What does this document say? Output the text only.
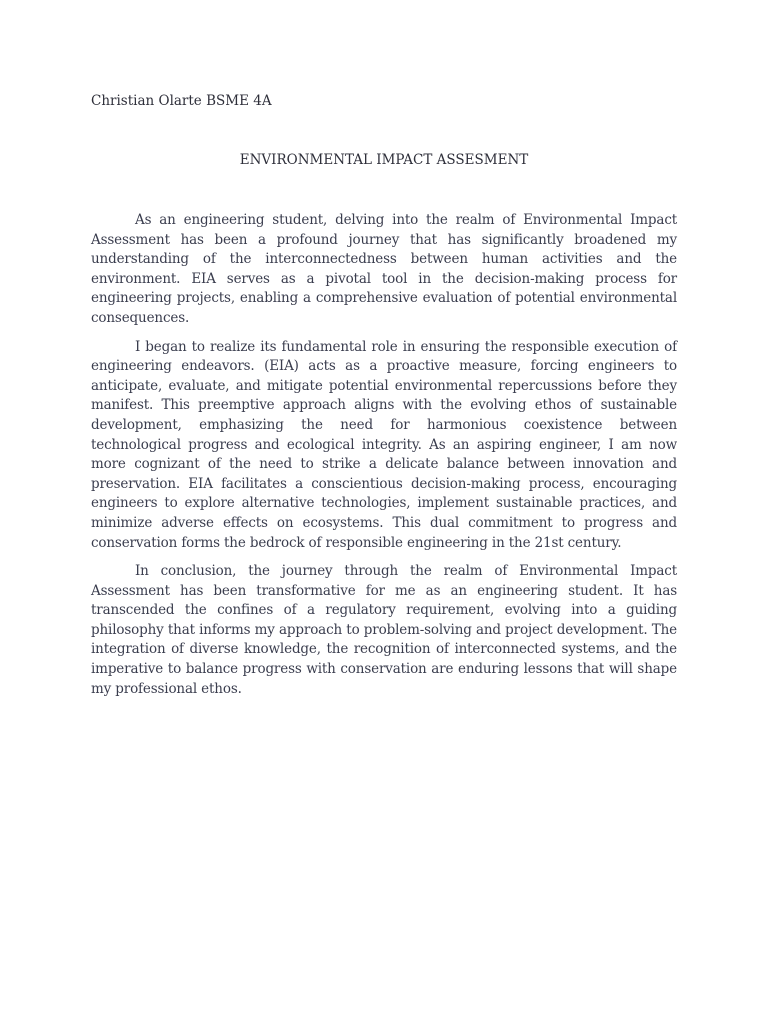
Christian Olarte BSME 4A
ENVIRONMENTAL IMPACT ASSESMENT

As an engineering student, delving into the realm of Environmental Impact Assessment has been a profound journey that has significantly broadened my understanding of the interconnectedness between human activities and the environment. EIA serves as a pivotal tool in the decision-making process for engineering projects, enabling a comprehensive evaluation of potential environmental consequences.

I began to realize its fundamental role in ensuring the responsible execution of engineering endeavors. (EIA) acts as a proactive measure, forcing engineers to anticipate, evaluate, and mitigate potential environmental repercussions before they manifest. This preemptive approach aligns with the evolving ethos of sustainable development, emphasizing the need for harmonious coexistence between technological progress and ecological integrity. As an aspiring engineer, I am now more cognizant of the need to strike a delicate balance between innovation and preservation. EIA facilitates a conscientious decision-making process, encouraging engineers to explore alternative technologies, implement sustainable practices, and minimize adverse effects on ecosystems. This dual commitment to progress and conservation forms the bedrock of responsible engineering in the 21st century.

In conclusion, the journey through the realm of Environmental Impact Assessment has been transformative for me as an engineering student. It has transcended the confines of a regulatory requirement, evolving into a guiding philosophy that informs my approach to problem-solving and project development. The integration of diverse knowledge, the recognition of interconnected systems, and the imperative to balance progress with conservation are enduring lessons that will shape my professional ethos.
